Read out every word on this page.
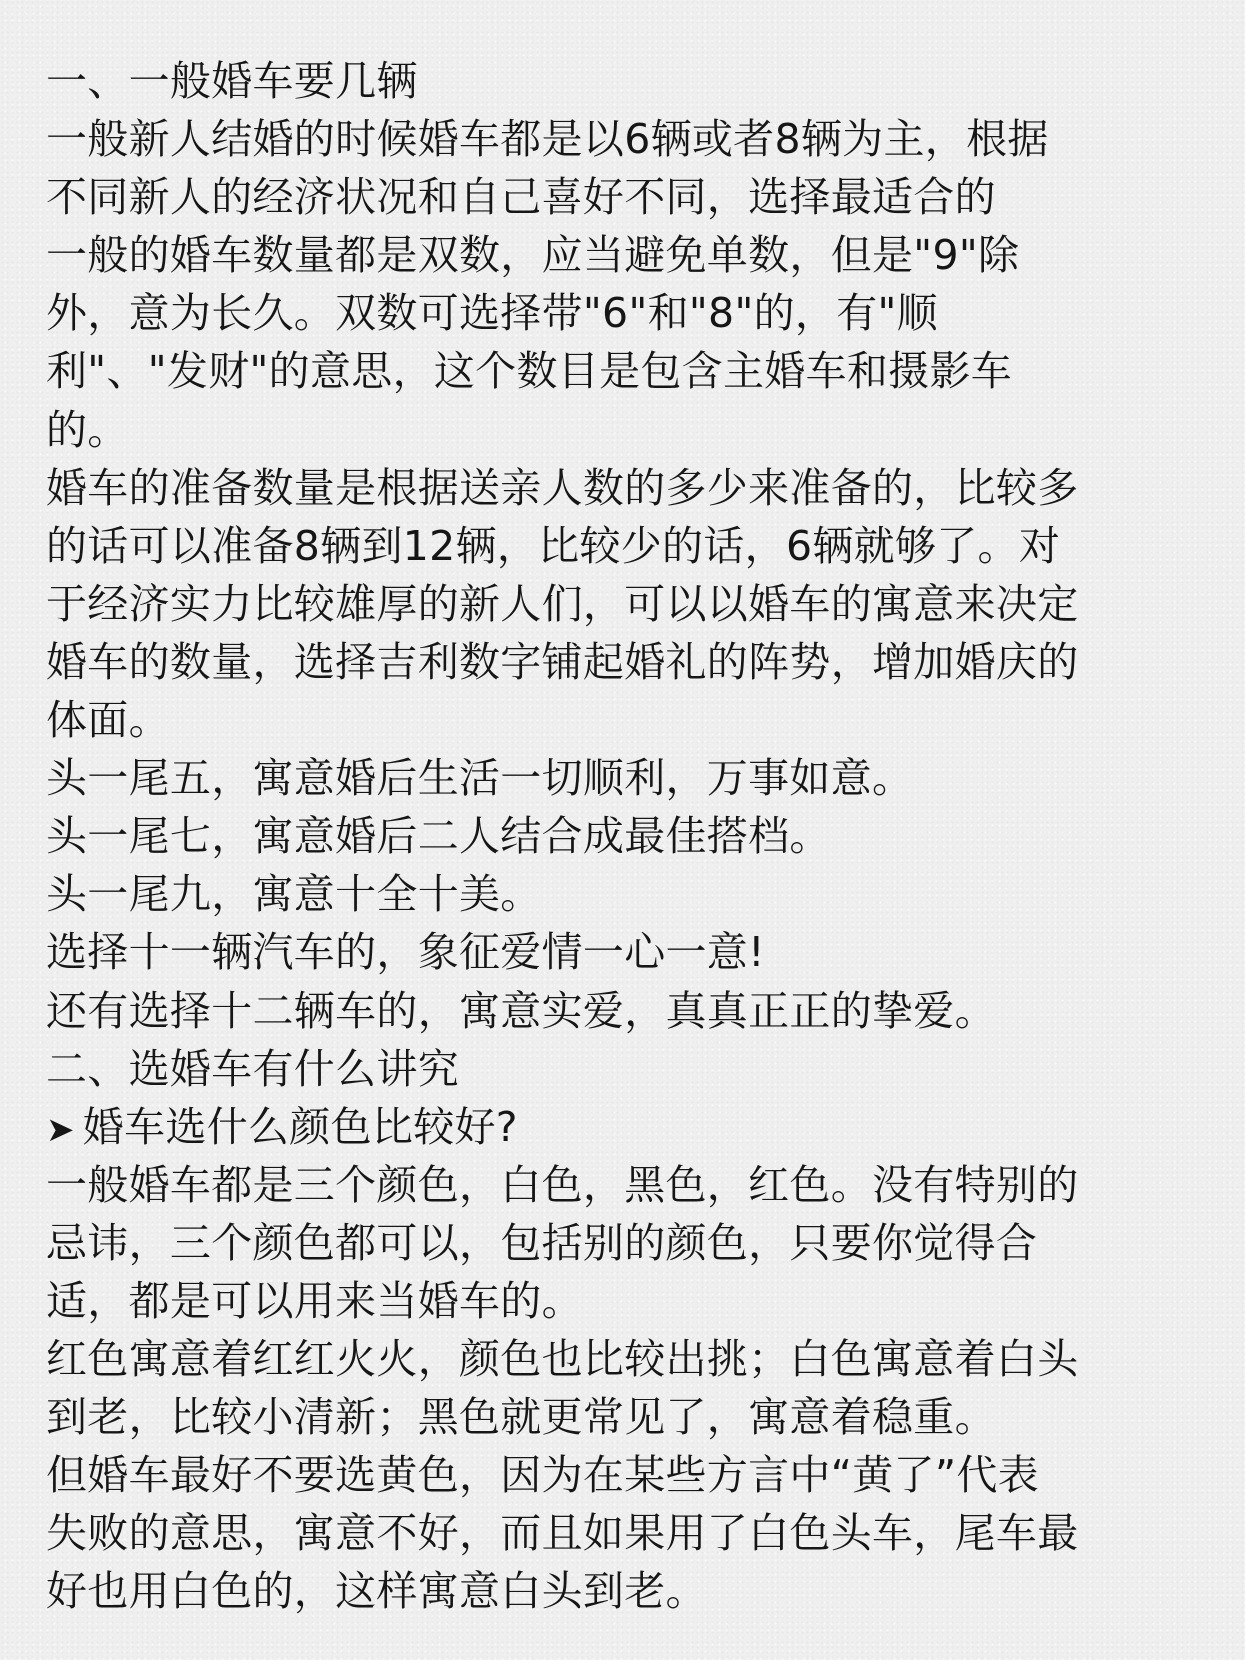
一、一般婚车要几辆
一般新人结婚的时候婚车都是以6辆或者8辆为主，根据
不同新人的经济状况和自己喜好不同，选择最适合的
一般的婚车数量都是双数，应当避免单数，但是"9"除
外，意为长久。双数可选择带"6"和"8"的，有"顺
利"、"发财"的意思，这个数目是包含主婚车和摄影车
的。
婚车的准备数量是根据送亲人数的多少来准备的，比较多
的话可以准备8辆到12辆，比较少的话，6辆就够了。对
于经济实力比较雄厚的新人们，可以以婚车的寓意来决定
婚车的数量，选择吉利数字铺起婚礼的阵势，增加婚庆的
体面。
头一尾五，寓意婚后生活一切顺利，万事如意。
头一尾七，寓意婚后二人结合成最佳搭档。
头一尾九，寓意十全十美。
选择十一辆汽车的，象征爱情一心一意!
还有选择十二辆车的，寓意实爱，真真正正的挚爱。
二、选婚车有什么讲究
➤ 婚车选什么颜色比较好?
一般婚车都是三个颜色，白色，黑色，红色。没有特别的
忌讳，三个颜色都可以，包括别的颜色，只要你觉得合
适，都是可以用来当婚车的。
红色寓意着红红火火，颜色也比较出挑；白色寓意着白头
到老，比较小清新；黑色就更常见了，寓意着稳重。
但婚车最好不要选黄色，因为在某些方言中“黄了”代表
失败的意思，寓意不好，而且如果用了白色头车，尾车最
好也用白色的，这样寓意白头到老。
